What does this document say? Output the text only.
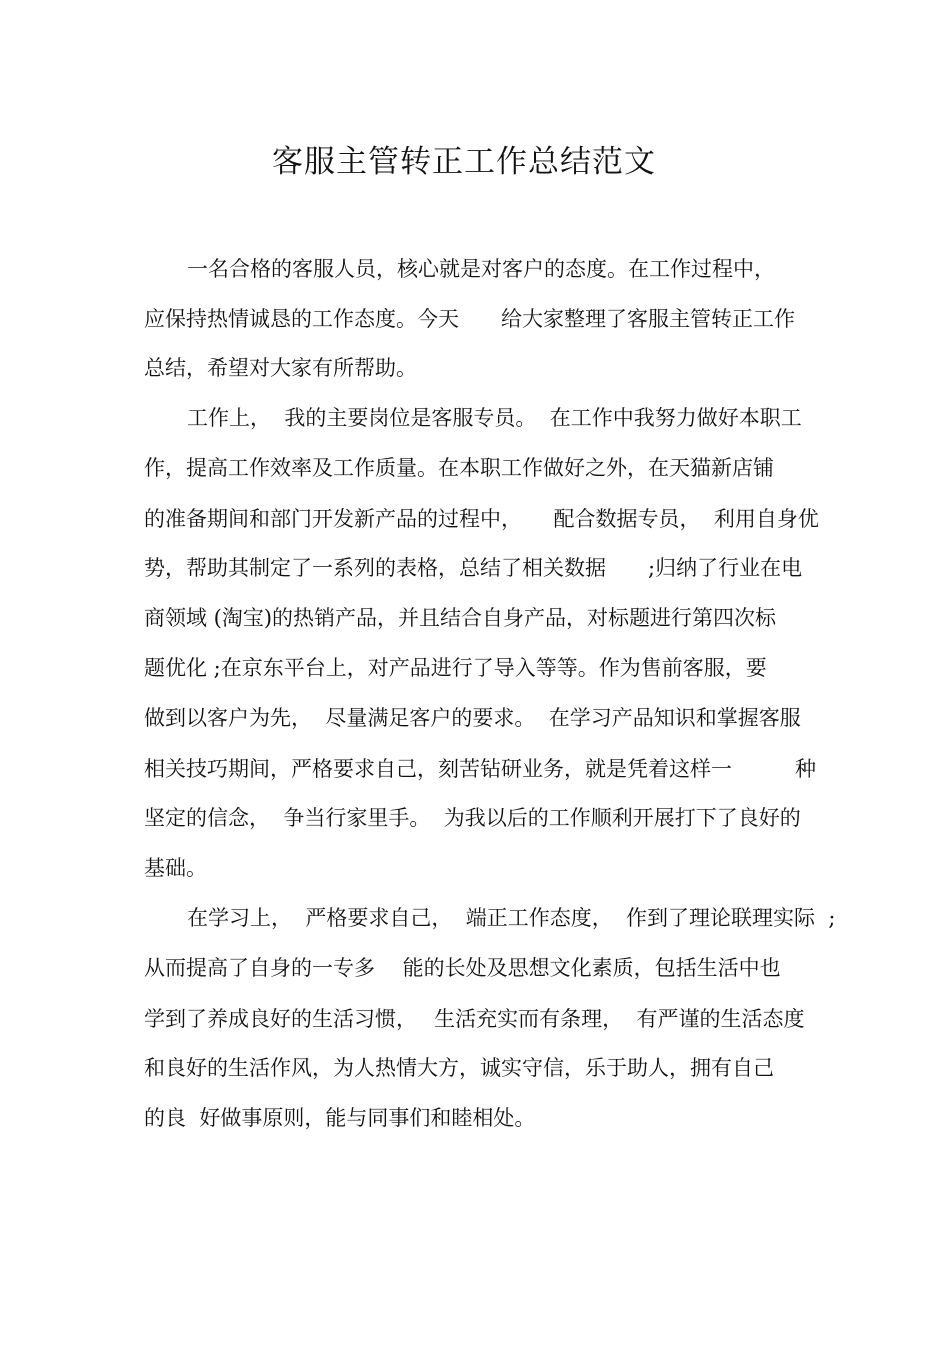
客服主管转正工作总结范文
一名合格的客服人员，核心就是对客户的态度。在工作过程中，
应保持热情诚恳的工作态度。今天　　给大家整理了客服主管转正工作
总结，希望对大家有所帮助。
工作上，  我的主要岗位是客服专员。  在工作中我努力做好本职工
作，提高工作效率及工作质量。在本职工作做好之外，在天猫新店铺
的准备期间和部门开发新产品的过程中，　　配合数据专员，  利用自身优
势，帮助其制定了一系列的表格，总结了相关数据　　;归纳了行业在电
商领域 (淘宝)的热销产品，并且结合自身产品，对标题进行第四次标
题优化 ;在京东平台上，对产品进行了导入等等。作为售前客服，要
做到以客户为先，  尽量满足客户的要求。  在学习产品知识和掌握客服
相关技巧期间，严格要求自己，刻苦钻研业务，就是凭着这样一　　　种
坚定的信念，  争当行家里手。  为我以后的工作顺利开展打下了良好的
基础。
在学习上，  严格要求自己，  端正工作态度，  作到了理论联理实际  ;
从而提高了自身的一专多　 能的长处及思想文化素质，包括生活中也
学到了养成良好的生活习惯，　 生活充实而有条理，  有严谨的生活态度
和良好的生活作风，为人热情大方，诚实守信，乐于助人，拥有自己
的良  好做事原则，能与同事们和睦相处。
